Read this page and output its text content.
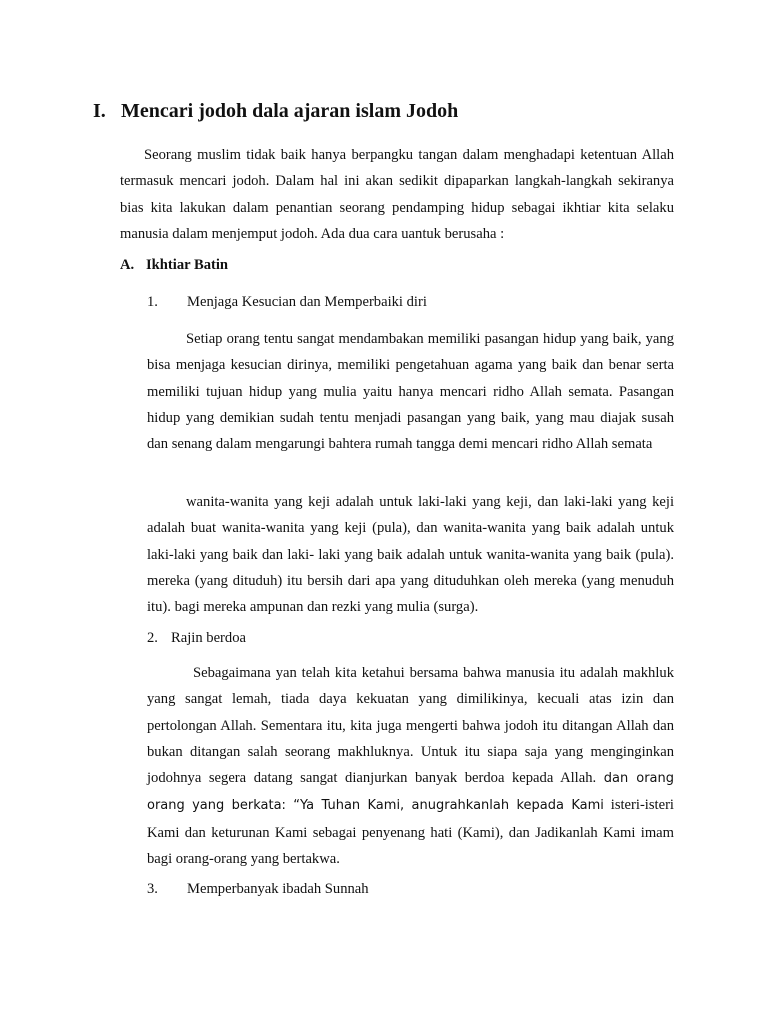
I. Mencari jodoh dala ajaran islam Jodoh
Seorang muslim tidak baik hanya berpangku tangan dalam menghadapi ketentuan Allah termasuk mencari jodoh. Dalam hal ini akan sedikit dipaparkan langkah-langkah sekiranya bias kita lakukan dalam penantian seorang pendamping hidup sebagai ikhtiar kita selaku manusia dalam menjemput jodoh. Ada dua cara uantuk berusaha :
A. Ikhtiar Batin
1. Menjaga Kesucian dan Memperbaiki diri
Setiap orang tentu sangat mendambakan memiliki pasangan hidup yang baik, yang bisa menjaga kesucian dirinya, memiliki pengetahuan agama yang baik dan benar serta memiliki tujuan hidup yang mulia yaitu hanya mencari ridho Allah semata. Pasangan hidup yang demikian sudah tentu menjadi pasangan yang baik, yang mau diajak susah dan senang dalam mengarungi bahtera rumah tangga demi mencari ridho Allah semata
wanita-wanita yang keji adalah untuk laki-laki yang keji, dan laki-laki yang keji adalah buat wanita-wanita yang keji (pula), dan wanita-wanita yang baik adalah untuk laki-laki yang baik dan laki- laki yang baik adalah untuk wanita-wanita yang baik (pula). mereka (yang dituduh) itu bersih dari apa yang dituduhkan oleh mereka (yang menuduh itu). bagi mereka ampunan dan rezki yang mulia (surga).
2. Rajin berdoa
Sebagaimana yan telah kita ketahui bersama bahwa manusia itu adalah makhluk yang sangat lemah, tiada daya kekuatan yang dimilikinya, kecuali atas izin dan pertolongan Allah. Sementara itu, kita juga mengerti bahwa jodoh itu ditangan Allah dan bukan ditangan salah seorang makhluknya. Untuk itu siapa saja yang menginginkan jodohnya segera datang sangat dianjurkan banyak berdoa kepada Allah. dan orang orang yang berkata: “Ya Tuhan Kami, anugrahkanlah kepada Kami isteri-isteri Kami dan keturunan Kami sebagai penyenang hati (Kami), dan Jadikanlah Kami imam bagi orang-orang yang bertakwa.
3. Memperbanyak ibadah Sunnah
